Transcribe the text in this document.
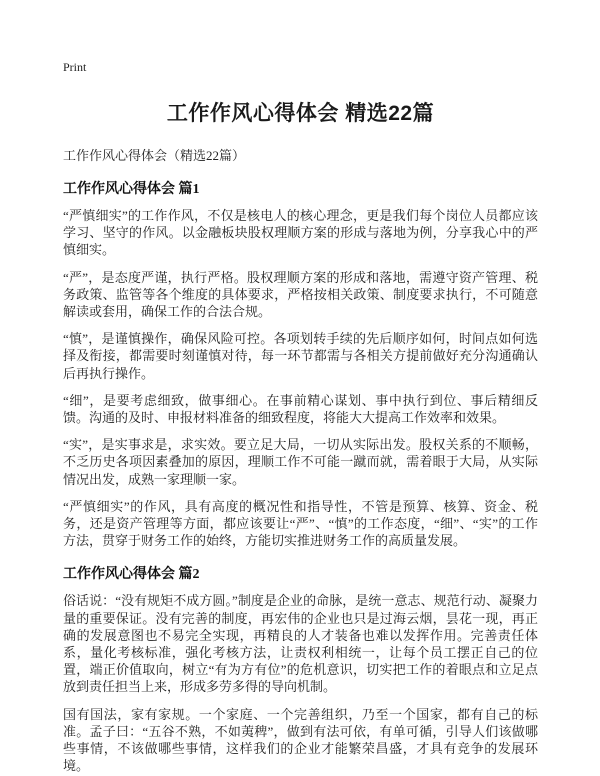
Print
工作作风心得体会 精选22篇
工作作风心得体会（精选22篇）
工作作风心得体会 篇1

“严慎细实”的工作作风，不仅是核电人的核心理念，更是我们每个岗位人员都应该学习、坚守的作风。以金融板块股权理顺方案的形成与落地为例，分享我心中的严慎细实。

“严”，是态度严谨，执行严格。股权理顺方案的形成和落地，需遵守资产管理、税务政策、监管等各个维度的具体要求，严格按相关政策、制度要求执行，不可随意解读或套用，确保工作的合法合规。

“慎”，是谨慎操作，确保风险可控。各项划转手续的先后顺序如何，时间点如何选择及衔接，都需要时刻谨慎对待，每一环节都需与各相关方提前做好充分沟通确认后再执行操作。

“细”，是要考虑细致，做事细心。在事前精心谋划、事中执行到位、事后精细反馈。沟通的及时、申报材料准备的细致程度，将能大大提高工作效率和效果。

“实”，是实事求是，求实效。要立足大局，一切从实际出发。股权关系的不顺畅，不乏历史各项因素叠加的原因，理顺工作不可能一蹴而就，需着眼于大局，从实际情况出发，成熟一家理顺一家。

“严慎细实”的作风，具有高度的概况性和指导性，不管是预算、核算、资金、税务，还是资产管理等方面，都应该要让“严”、“慎”的工作态度，“细”、“实”的工作方法，贯穿于财务工作的始终，方能切实推进财务工作的高质量发展。

工作作风心得体会 篇2

俗话说：“没有规矩不成方圆。”制度是企业的命脉，是统一意志、规范行动、凝聚力量的重要保证。没有完善的制度，再宏伟的企业也只是过海云烟，昙花一现，再正确的发展意图也不易完全实现，再精良的人才装备也难以发挥作用。完善责任体系，量化考核标准，强化考核方法，让责权利相统一，让每个员工摆正自己的位置，端正价值取向，树立“有为方有位”的危机意识，切实把工作的着眼点和立足点放到责任担当上来，形成多劳多得的导向机制。

国有国法，家有家规。一个家庭、一个完善组织，乃至一个国家，都有自己的标准。孟子曰：“五谷不熟，不如荑稗”，做到有法可依，有单可循，引导人们该做哪些事情，不该做哪些事情，这样我们的企业才能繁荣昌盛，才具有竞争的发展环境。
